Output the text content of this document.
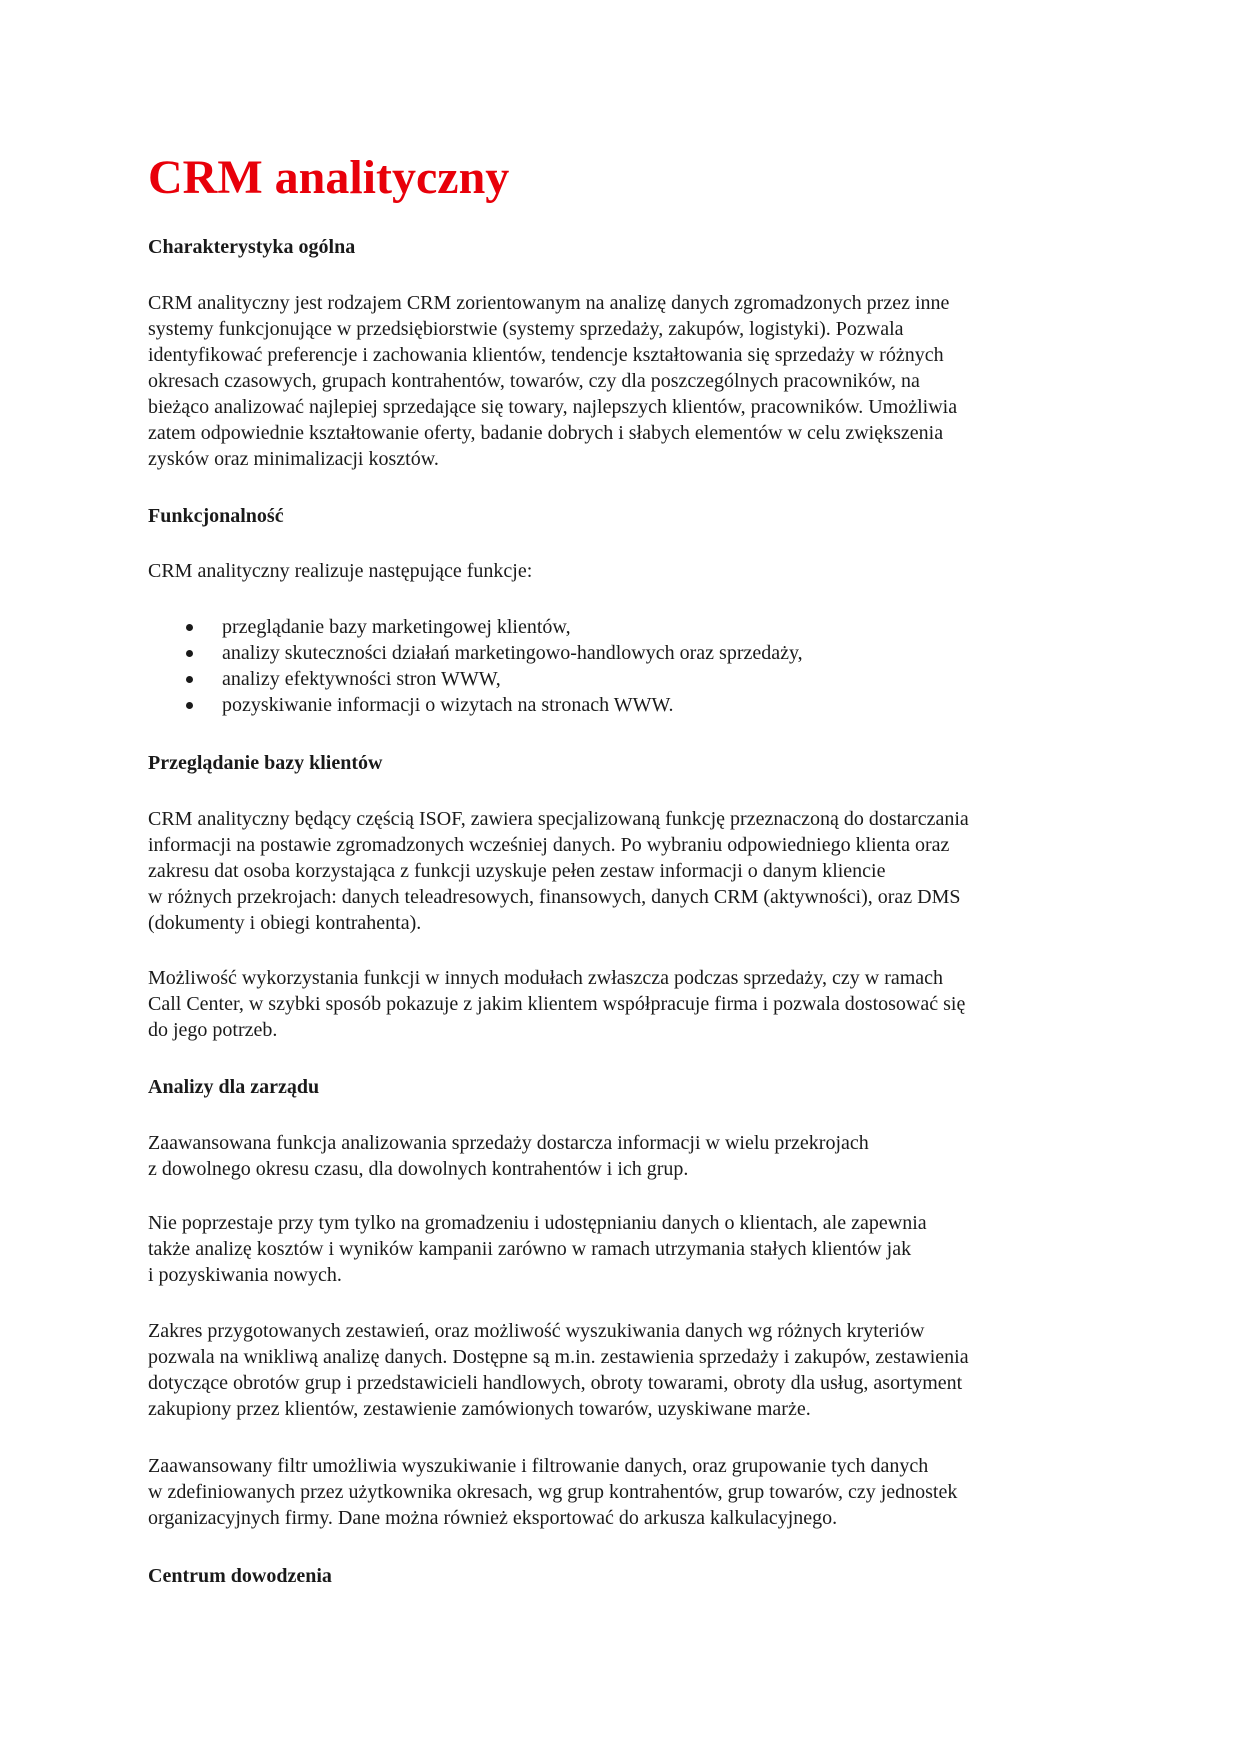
CRM analityczny
Charakterystyka ogólna

CRM analityczny jest rodzajem CRM zorientowanym na analizę danych zgromadzonych przez inne
systemy funkcjonujące w przedsiębiorstwie (systemy sprzedaży, zakupów, logistyki). Pozwala
identyfikować preferencje i zachowania klientów, tendencje kształtowania się sprzedaży w różnych
okresach czasowych, grupach kontrahentów, towarów, czy dla poszczególnych pracowników, na
bieżąco analizować najlepiej sprzedające się towary, najlepszych klientów, pracowników. Umożliwia
zatem odpowiednie kształtowanie oferty, badanie dobrych i słabych elementów w celu zwiększenia
zysków oraz minimalizacji kosztów.

Funkcjonalność

CRM analityczny realizuje następujące funkcje:

przeglądanie bazy marketingowej klientów,
analizy skuteczności działań marketingowo-handlowych oraz sprzedaży,
analizy efektywności stron WWW,
pozyskiwanie informacji o wizytach na stronach WWW.
Przeglądanie bazy klientów

CRM analityczny będący częścią ISOF, zawiera specjalizowaną funkcję przeznaczoną do dostarczania
informacji na postawie zgromadzonych wcześniej danych. Po wybraniu odpowiedniego klienta oraz
zakresu dat osoba korzystająca z funkcji uzyskuje pełen zestaw informacji o danym kliencie
w różnych przekrojach: danych teleadresowych, finansowych, danych CRM (aktywności), oraz DMS
(dokumenty i obiegi kontrahenta).

Możliwość wykorzystania funkcji w innych modułach zwłaszcza podczas sprzedaży, czy w ramach
Call Center, w szybki sposób pokazuje z jakim klientem współpracuje firma i pozwala dostosować się
do jego potrzeb.

Analizy dla zarządu

Zaawansowana funkcja analizowania sprzedaży dostarcza informacji w wielu przekrojach
z dowolnego okresu czasu, dla dowolnych kontrahentów i ich grup.

Nie poprzestaje przy tym tylko na gromadzeniu i udostępnianiu danych o klientach, ale zapewnia
także analizę kosztów i wyników kampanii zarówno w ramach utrzymania stałych klientów jak
i pozyskiwania nowych.

Zakres przygotowanych zestawień, oraz możliwość wyszukiwania danych wg różnych kryteriów
pozwala na wnikliwą analizę danych. Dostępne są m.in. zestawienia sprzedaży i zakupów, zestawienia
dotyczące obrotów grup i przedstawicieli handlowych, obroty towarami, obroty dla usług, asortyment
zakupiony przez klientów, zestawienie zamówionych towarów, uzyskiwane marże.

Zaawansowany filtr umożliwia wyszukiwanie i filtrowanie danych, oraz grupowanie tych danych
w zdefiniowanych przez użytkownika okresach, wg grup kontrahentów, grup towarów, czy jednostek
organizacyjnych firmy. Dane można również eksportować do arkusza kalkulacyjnego.

Centrum dowodzenia
